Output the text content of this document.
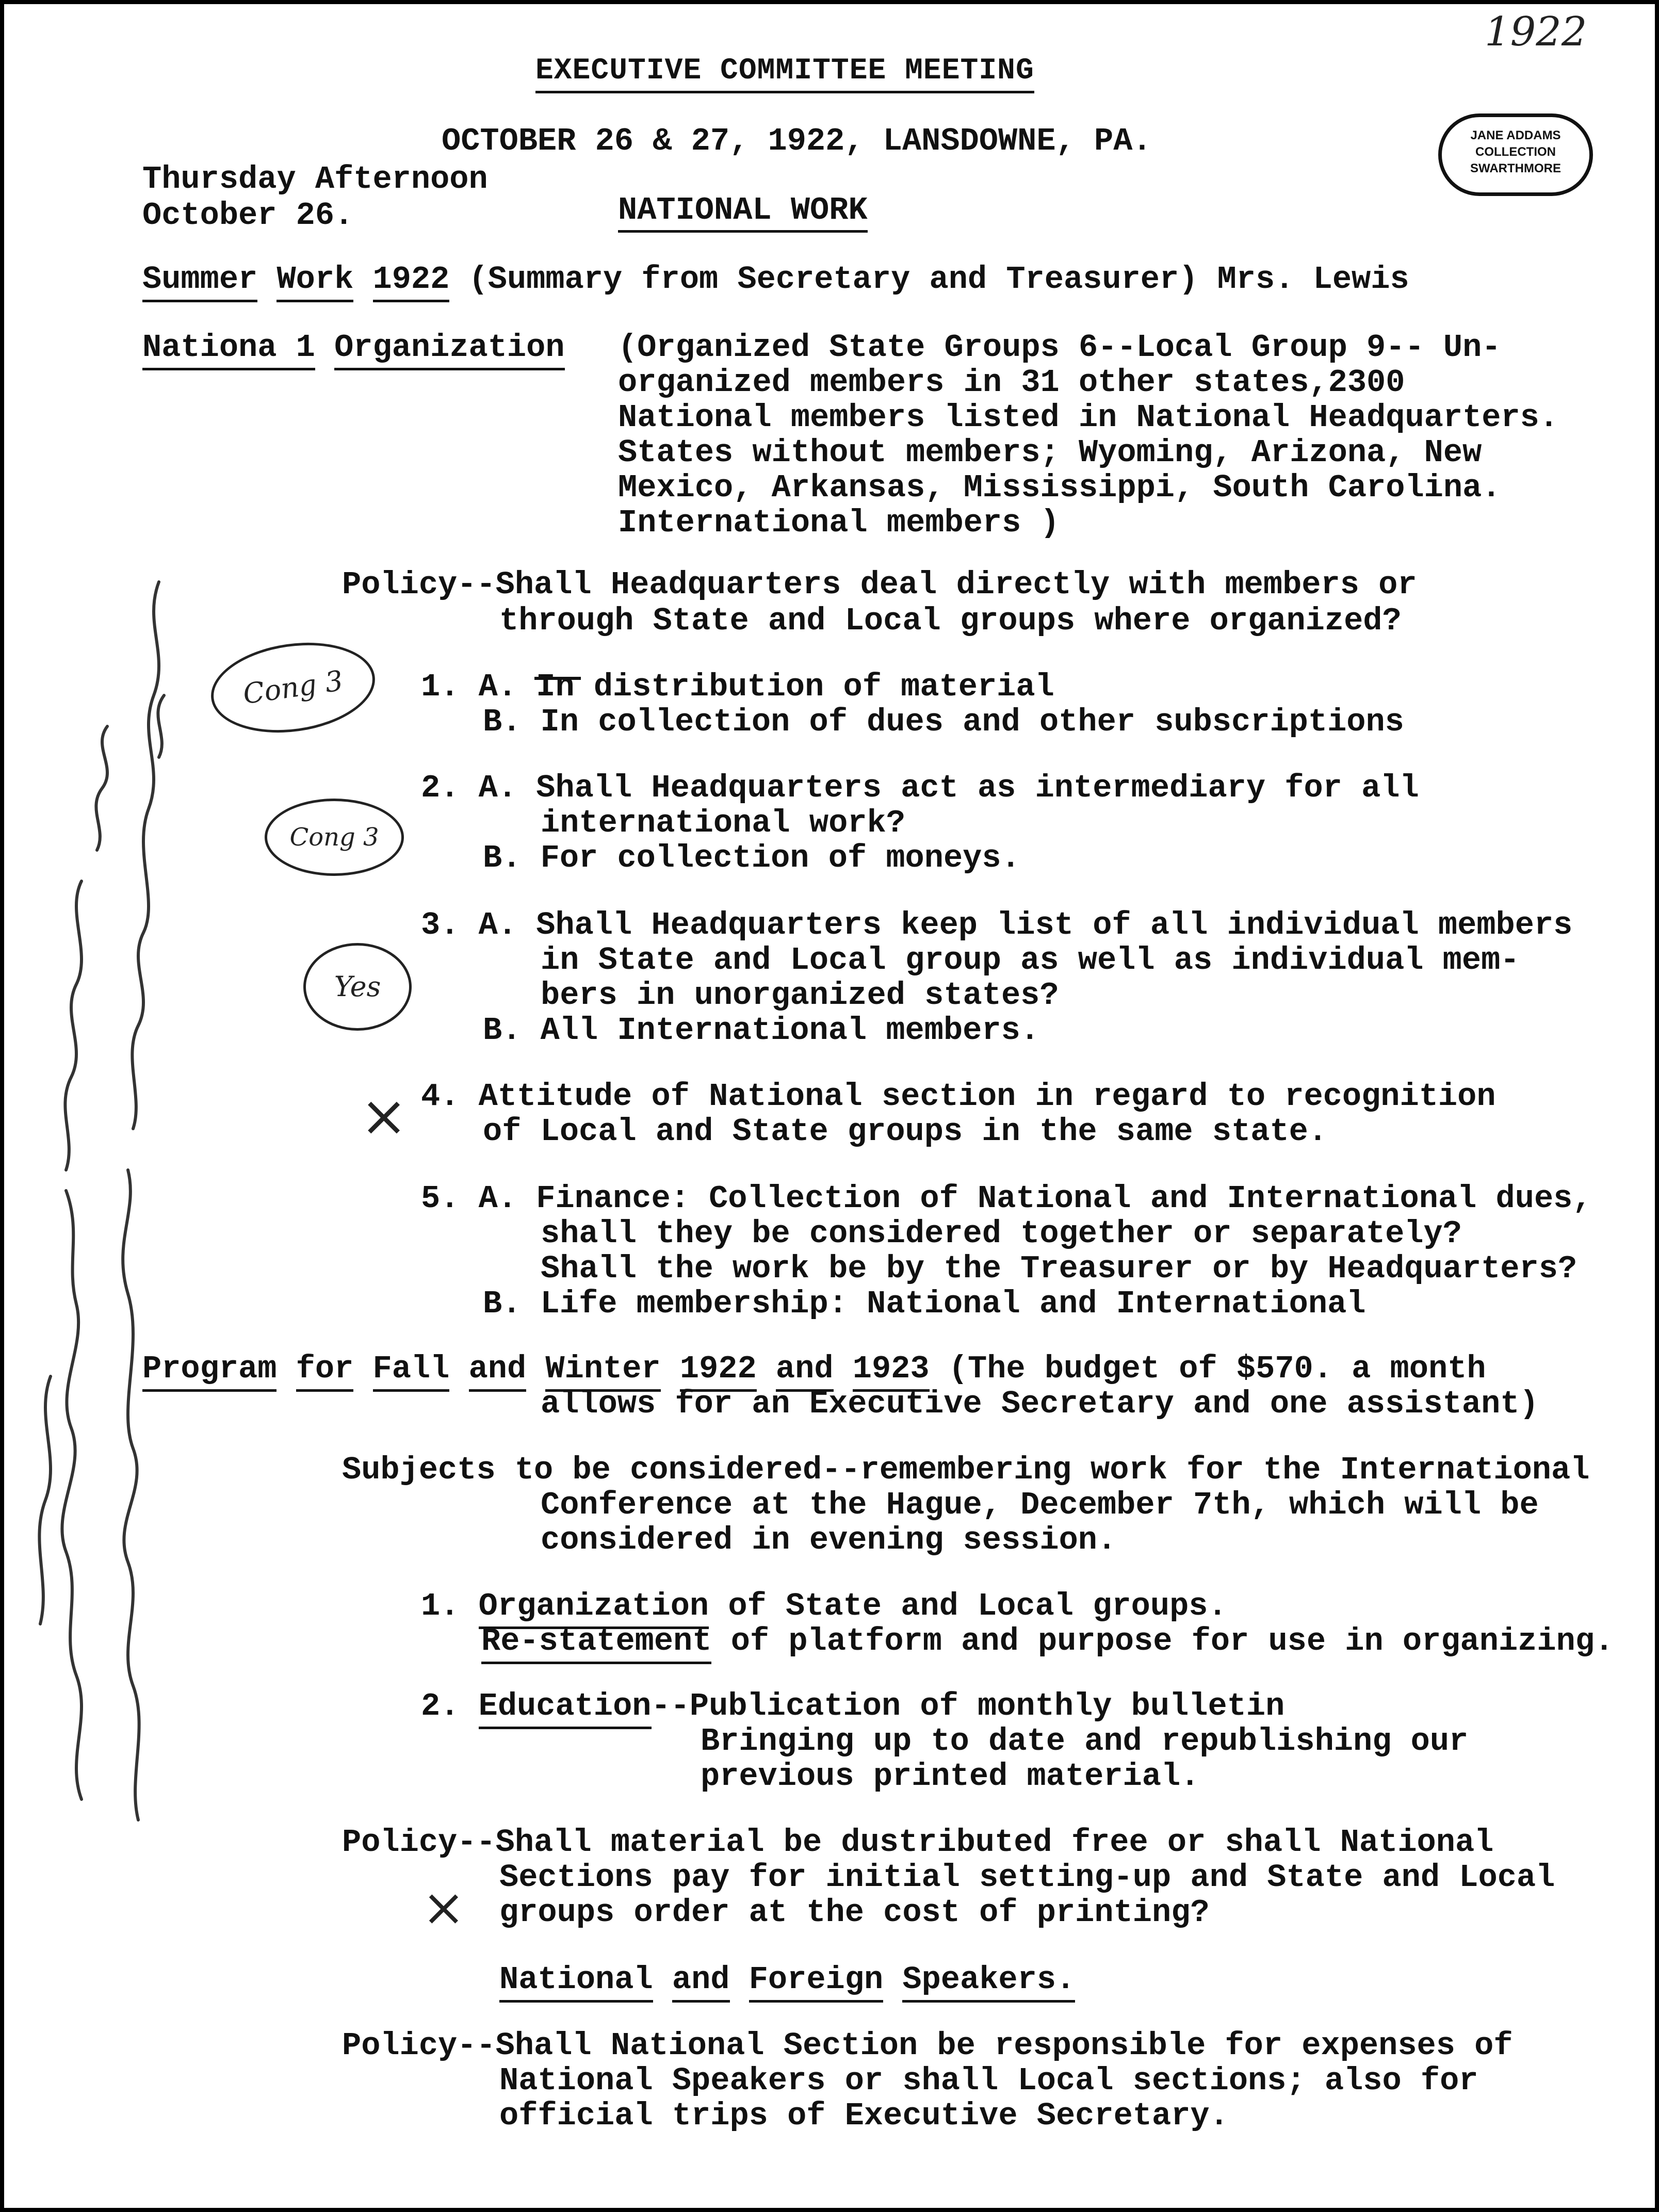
1922
JANE ADDAMS
COLLECTION
SWARTHMORE
EXECUTIVE COMMITTEE MEETING
OCTOBER 26 & 27, 1922, LANSDOWNE, PA.
Thursday Afternoon
October 26.	NATIONAL WORK
Summer Work 1922 (Summary from Secretary and Treasurer) Mrs. Lewis
Nationa 1 Organization (Organized State Groups 6--Local Group 9-- Un-
organized members in 31 other states,2300
National members listed in National Headquarters.
States without members; Wyoming, Arizona, New
Mexico, Arkansas, Mississippi, South Carolina.
International members )
Policy--Shall Headquarters deal directly with members or
through State and Local groups where organized?
1. A. In distribution of material
B. In collection of dues and other subscriptions
2. A. Shall Headquarters act as intermediary for all
international work?
B. For collection of moneys.
3. A. Shall Headquarters keep list of all individual members
in State and Local group as well as individual mem-
bers in unorganized states?
B. All International members.
4. Attitude of National section in regard to recognition
of Local and State groups in the same state.
5. A. Finance: Collection of National and International dues,
shall they be considered together or separately?
Shall the work be by the Treasurer or by Headquarters?
B. Life membership: National and International
Program for Fall and Winter 1922 and 1923 (The budget of $570. a month
allows for an Executive Secretary and one assistant)
Subjects to be considered--remembering work for the International
Conference at the Hague, December 7th, which will be
considered in evening session.
1. Organization of State and Local groups.
Re-statement of platform and purpose for use in organizing.
2. Education--Publication of monthly bulletin
Bringing up to date and republishing our
previous printed material.
Policy--Shall material be dustributed free or shall National
Sections pay for initial setting-up and State and Local
groups order at the cost of printing?
National and Foreign Speakers.
Policy--Shall National Section be responsible for expenses of
National Speakers or shall Local sections; also for
official trips of Executive Secretary.
Cong 3
Cong 3
Yes
×
×
